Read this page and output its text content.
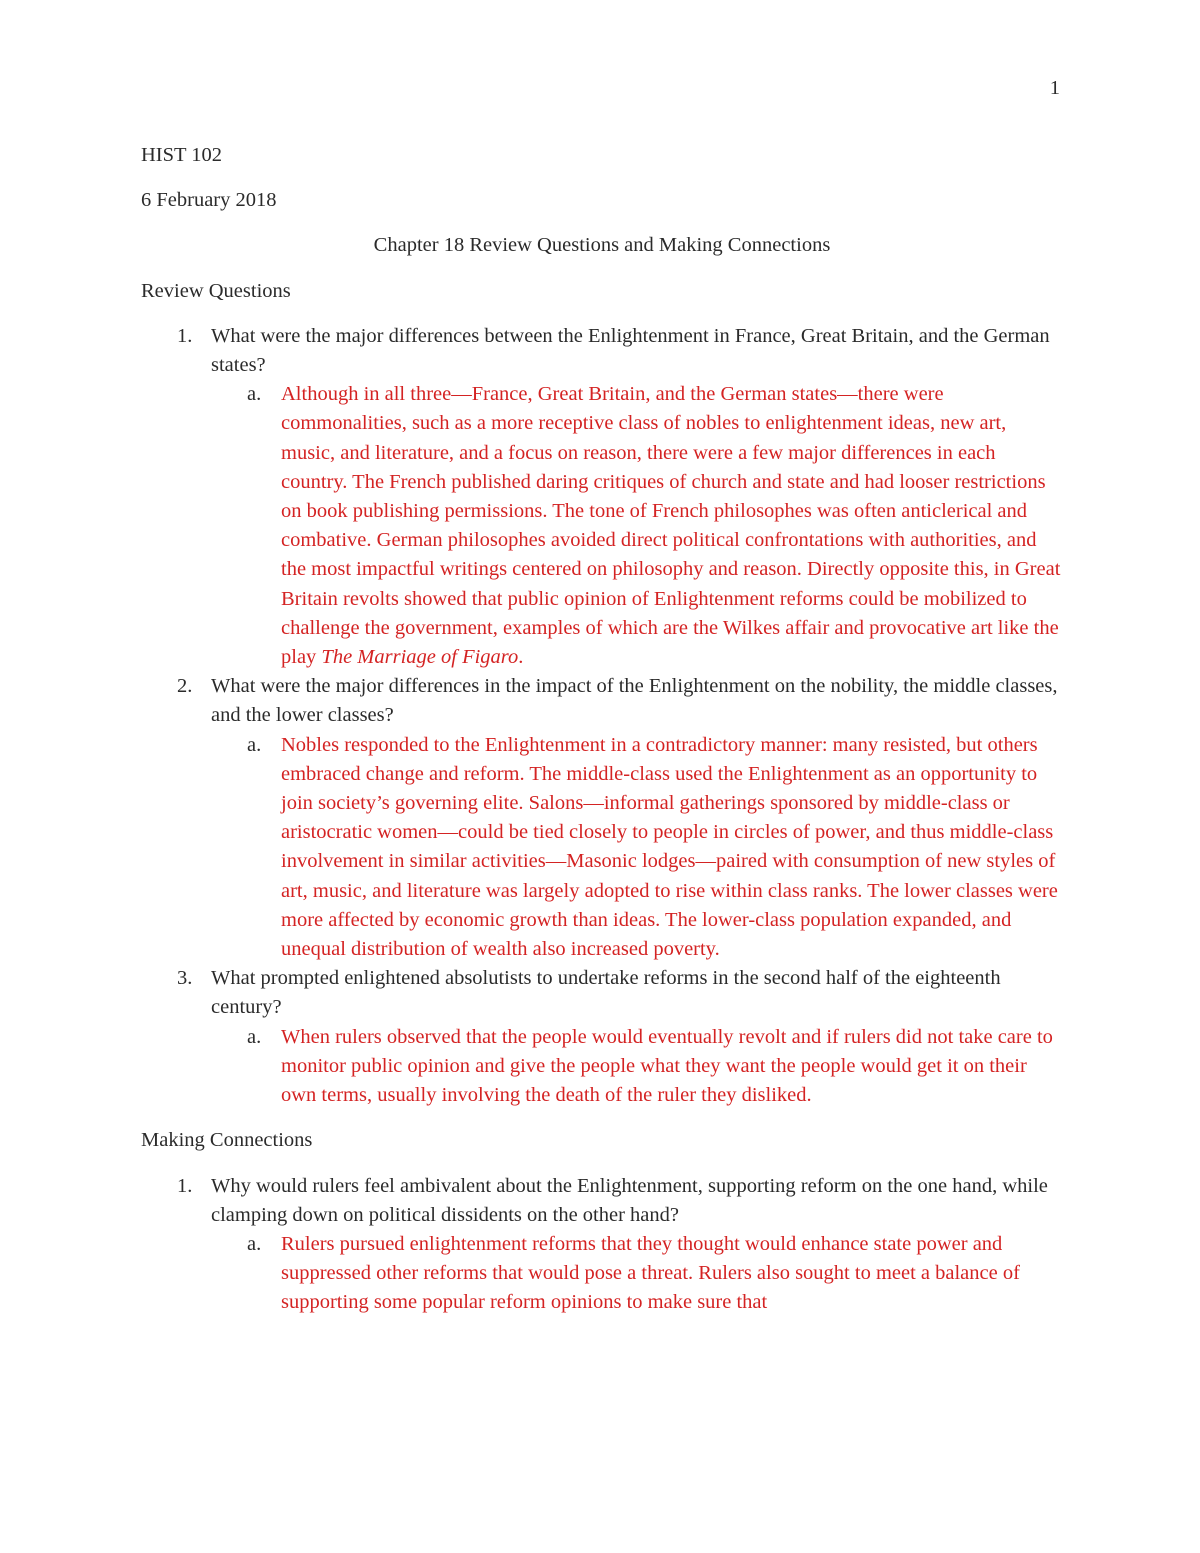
1

HIST 102

6 February 2018

Chapter 18 Review Questions and Making Connections

Review Questions

1. What were the major differences between the Enlightenment in France, Great Britain, and the German states?
a. Although in all three—France, Great Britain, and the German states—there were commonalities, such as a more receptive class of nobles to enlightenment ideas, new art, music, and literature, and a focus on reason, there were a few major differences in each country. The French published daring critiques of church and state and had looser restrictions on book publishing permissions. The tone of French philosophes was often anticlerical and combative. German philosophes avoided direct political confrontations with authorities, and the most impactful writings centered on philosophy and reason. Directly opposite this, in Great Britain revolts showed that public opinion of Enlightenment reforms could be mobilized to challenge the government, examples of which are the Wilkes affair and provocative art like the play The Marriage of Figaro.
2. What were the major differences in the impact of the Enlightenment on the nobility, the middle classes, and the lower classes?
a. Nobles responded to the Enlightenment in a contradictory manner: many resisted, but others embraced change and reform. The middle-class used the Enlightenment as an opportunity to join society’s governing elite. Salons—informal gatherings sponsored by middle-class or aristocratic women—could be tied closely to people in circles of power, and thus middle-class involvement in similar activities—Masonic lodges—paired with consumption of new styles of art, music, and literature was largely adopted to rise within class ranks. The lower classes were more affected by economic growth than ideas. The lower-class population expanded, and unequal distribution of wealth also increased poverty.
3. What prompted enlightened absolutists to undertake reforms in the second half of the eighteenth century?
a. When rulers observed that the people would eventually revolt and if rulers did not take care to monitor public opinion and give the people what they want the people would get it on their own terms, usually involving the death of the ruler they disliked.

Making Connections

1. Why would rulers feel ambivalent about the Enlightenment, supporting reform on the one hand, while clamping down on political dissidents on the other hand?
a. Rulers pursued enlightenment reforms that they thought would enhance state power and suppressed other reforms that would pose a threat. Rulers also sought to meet a balance of supporting some popular reform opinions to make sure that
